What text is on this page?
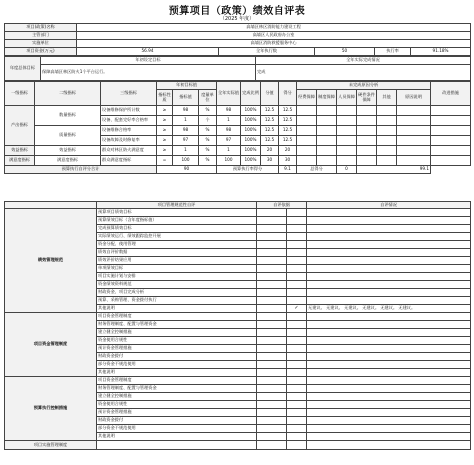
预算项目（政策）绩效自评表
（2025 年度）
项目(政策)名称	高墙区林区消防能力建设工程				
主管部门	高墙区人民政府办公室				
实施单位	高墙区消防救援服务中心				
项目资金(万元)	56.94	全年执行数	50	执行率	91.18%
年度总体目标	年初设定目标	全年实际完成情况
	保障高墙区林区防火1个平台运行。	完成
一级指标	二级指标	三级指标	年初目标值			全年实际值	完成比例	分值	得分	未完成原因分析						改进措施
			指标性质	指标值	度量单位					经费保障	制度保障	人员保障	硬件条件保障	其他	原因说明	

产出指标	数量指标	设备维修保护所计数	≥	98	%	98	100%	12.5	12.5							
		设备、配套完好率合格率	≥	1	个	1	100%	12.5	12.5							
	质量指标	设备维修合格率	≥	98	%	98	100%	12.5	12.5							
		设备故障及时修复率	≥	97	%	97	100%	12.5	12.5							
效益指标	效益指标	群众对林区防火满意度	≥	1	%	1	100%	20	20							
满意度指标	满意度指标	群众满意度指标	=	100	%	100	100%	30	30							
预算执行自评分合计			90			预算执行率得分			9.1	总得分		0	99.1			
	项目管理规范性自评	自评依据		自评情况
绩效管理规范	预算项目绩效目标			
	预算绩效目标（含年度指标值）			
	完成预算绩效目标			
	实际绩效运行、绩效跟踪监控开展			
	资金分配、使用管理			
	绩效自评价数据			
	绩效评价结果应用			
	单项绩效目标			
	项目实施计划与安排			
	资金绩效资料规范			
	财政资金、项目完成分析			
	预算、采购管理、资金拨付执行			
	其他说明		✓	无建议。 无建议。 无建议。 无建议。 无建议。 无建议。
项目资金管理制度	项目资金管理制度			
	财务管理制度、配置与管理资金			
	建立健全控制措施			
	资金使用合规性			
	预计资金管理措施			
	财政资金拨付			
	部分资金不规范使用			
	其他说明			
预算执行控制措施	项目资金管理制度			
	财务管理制度、配置与管理资金			
	建立健全控制措施			
	资金使用合规性			
	预计资金管理措施			
	财政资金拨付			
	部分资金不规范使用			
	其他说明			
项目实施管理制度				
